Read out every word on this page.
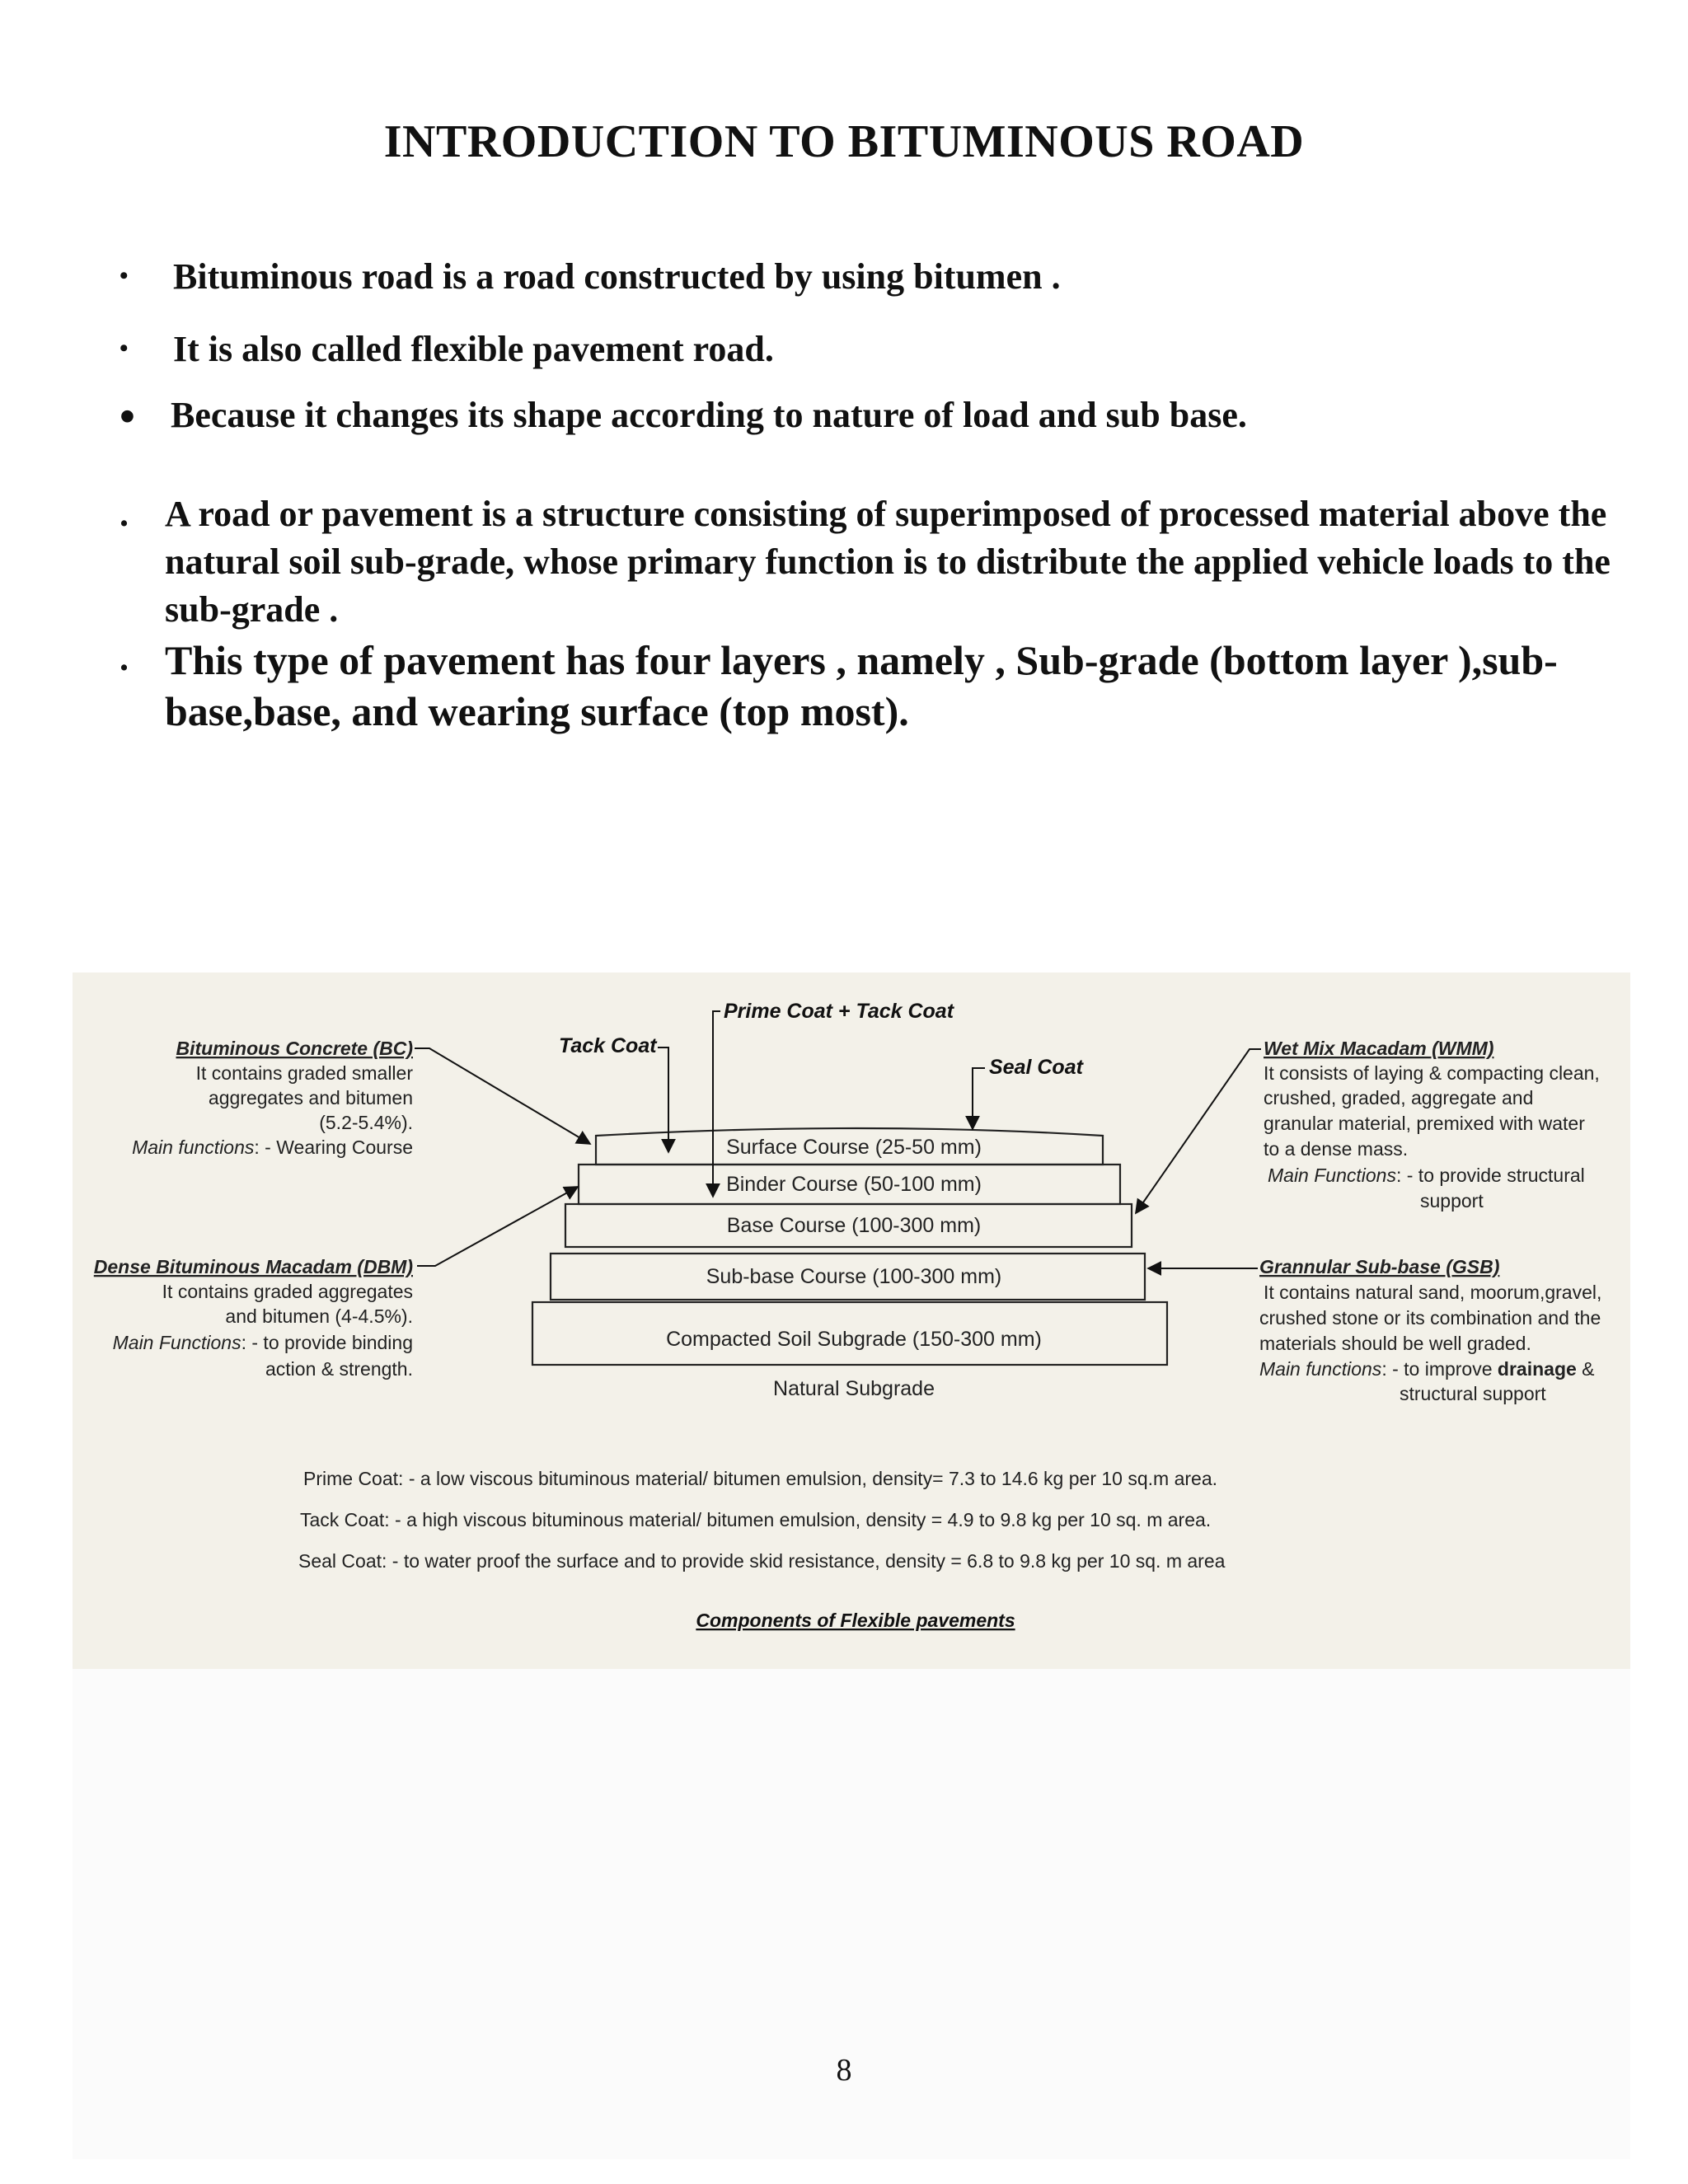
INTRODUCTION TO BITUMINOUS ROAD
• Bituminous road is a road constructed by using bitumen .
• It is also called flexible pavement road.
• Because it changes its shape according to nature of load and sub base.
. A road or pavement is a structure consisting of superimposed of processed material above the natural soil sub-grade, whose primary function is to distribute the applied vehicle loads to the sub-grade .
. This type of pavement has four layers , namely , Sub-grade (bottom layer ),sub-base,base, and wearing surface (top most).
Surface Course (25-50 mm)
Binder Course (50-100 mm)
Base Course (100-300 mm)
Sub-base Course (100-300 mm)
Compacted Soil Subgrade (150-300 mm)
Natural Subgrade
Prime Coat + Tack Coat
Tack Coat
Seal Coat
Bituminous Concrete (BC)
It contains graded smaller
aggregates and bitumen
(5.2-5.4%).
Main functions: - Wearing Course
Dense Bituminous Macadam (DBM)
It contains graded aggregates
and bitumen (4-4.5%).
Main Functions: - to provide binding
action & strength.
Wet Mix Macadam (WMM)
It consists of laying & compacting clean,
crushed, graded, aggregate and
granular material, premixed with water
to a dense mass.
Main Functions: - to provide structural
support
Grannular Sub-base (GSB)
It contains natural sand, moorum,gravel,
crushed stone or its combination and the
materials should be well graded.
Main functions: - to improve drainage &
structural support
Prime Coat: - a low viscous bituminous material/ bitumen emulsion, density= 7.3 to 14.6 kg per 10 sq.m area.
Tack Coat: - a high viscous bituminous material/ bitumen emulsion, density = 4.9 to 9.8 kg per 10 sq. m area.
Seal Coat: - to water proof the surface and to provide skid resistance, density = 6.8 to 9.8 kg per 10 sq. m area
Components of Flexible pavements
8
